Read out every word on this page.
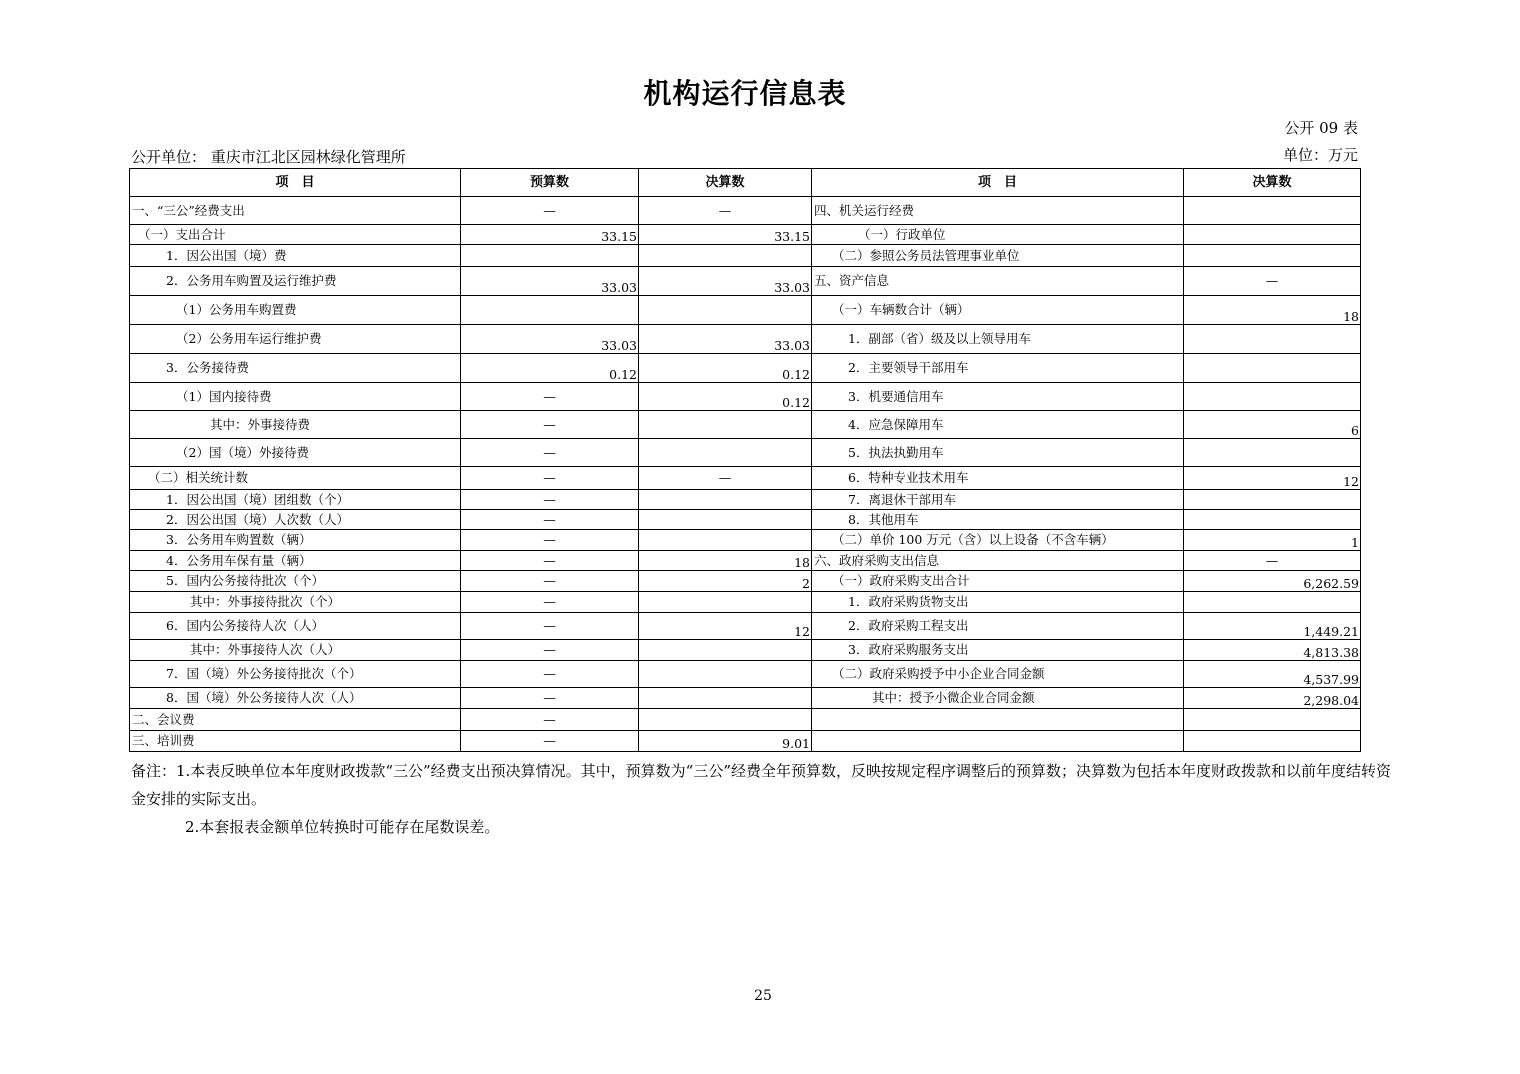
机构运行信息表
公开 09 表
单位：万元
公开单位： 重庆市江北区园林绿化管理所
项　目	预算数	决算数	项　目	决算数
一、“三公”经费支出	—	—	四、机关运行经费	
（一）支出合计	33.15	33.15	（一）行政单位	
1．因公出国（境）费			（二）参照公务员法管理事业单位	
2．公务用车购置及运行维护费	33.03	33.03	五、资产信息	—
（1）公务用车购置费			（一）车辆数合计（辆）	18
（2）公务用车运行维护费	33.03	33.03	1．副部（省）级及以上领导用车	
3．公务接待费	0.12	0.12	2．主要领导干部用车	
（1）国内接待费	—	0.12	3．机要通信用车	
其中：外事接待费	—		4．应急保障用车	6
（2）国（境）外接待费	—		5．执法执勤用车	
（二）相关统计数	—	—	6．特种专业技术用车	12
1．因公出国（境）团组数（个）	—		7．离退休干部用车	
2．因公出国（境）人次数（人）	—		8．其他用车	
3．公务用车购置数（辆）	—		（二）单价 100 万元（含）以上设备（不含车辆）	1
4．公务用车保有量（辆）	—	18	六、政府采购支出信息	—
5．国内公务接待批次（个）	—	2	（一）政府采购支出合计	6,262.59
其中：外事接待批次（个）	—		1．政府采购货物支出	
6．国内公务接待人次（人）	—	12	2．政府采购工程支出	1,449.21
其中：外事接待人次（人）	—		3．政府采购服务支出	4,813.38
7．国（境）外公务接待批次（个）	—		（二）政府采购授予中小企业合同金额	4,537.99
8．国（境）外公务接待人次（人）	—		其中：授予小微企业合同金额	2,298.04
二、会议费	—			
三、培训费	—	9.01		
备注：1.本表反映单位本年度财政拨款“三公”经费支出预决算情况。其中，预算数为“三公”经费全年预算数，反映按规定程序调整后的预算数；决算数为包括本年度财政拨款和以前年度结转资金安排的实际支出。
2.本套报表金额单位转换时可能存在尾数误差。
25
